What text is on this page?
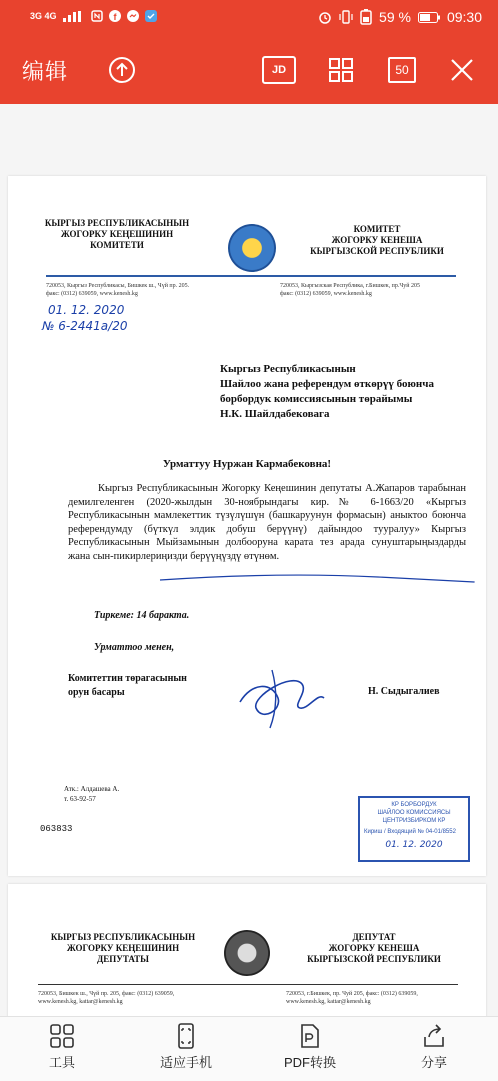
3G 4G	f	59 %	09:30
编辑	JD	50
КЫРГЫЗ РЕСПУБЛИКАСЫНЫН
ЖОГОРКУ КЕҢЕШИНИН
КОМИТЕТИ
КОМИТЕТ
ЖОГОРКУ КЕНЕША
КЫРГЫЗСКОЙ РЕСПУБЛИКИ
720053, Кыргыз Республикасы, Бишкек ш., Чүй пр. 205.
факс: (0312) 639059, www.kenesh.kg
720053, Кыргызская Республика, г.Бишкек, пр.Чуй 205
факс: (0312) 639059, www.kenesh.kg
01. 12. 2020
№ 6-2441а/20
Кыргыз Республикасынын
Шайлоо жана референдум өткөрүү боюнча
борбордук комиссиясынын төрайымы
Н.К. Шайлдабековага
Урматтуу Нуржан Кармабековна!
Кыргыз Республикасынын Жогорку Кеңешинин депутаты А.Жапаров тарабынан демилгеленген (2020-жылдын 30-ноябрындагы кир.№ 6-1663/20 «Кыргыз Республикасынын мамлекеттик түзүлүшүн (башкаруунун формасын) аныктоо боюнча референдумду (бүткүл элдик добуш берүүнү) дайындоо тууралуу» Кыргыз Республикасынын Мыйзамынын долбооруна карата тез арада сунуштарыңыздарды жана сын-пикирлериңизди берүүңүздү өтүнөм.
Тиркеме: 14 баракта.
Урматтоо менен,
Комитеттин төрагасынын
орун басары	Н. Сыдыгалиев
Атк.: Алдашева А.
т. 63-92-57
063833
КР БОРБОРДУК
ШАЙЛОО КОМИССИЯСЫ
ЦЕНТРИЗБИРКОМ КР
Кириш / Входящий № 04-01/8552
01. 12. 2020
КЫРГЫЗ РЕСПУБЛИКАСЫНЫН
ЖОГОРКУ КЕҢЕШИНИН
ДЕПУТАТЫ
ДЕПУТАТ
ЖОГОРКУ КЕНЕША
КЫРГЫЗСКОЙ РЕСПУБЛИКИ
720053, Бишкек ш., Чүй пр. 205, факс: (0312) 639059,
www.kenesh.kg, kattar@kenesh.kg
720053, г.Бишкек, пр. Чуй 205, факс: (0312) 639059,
www.kenesh.kg, kattar@kenesh.kg
工具	适应手机	PDF转换	分享
